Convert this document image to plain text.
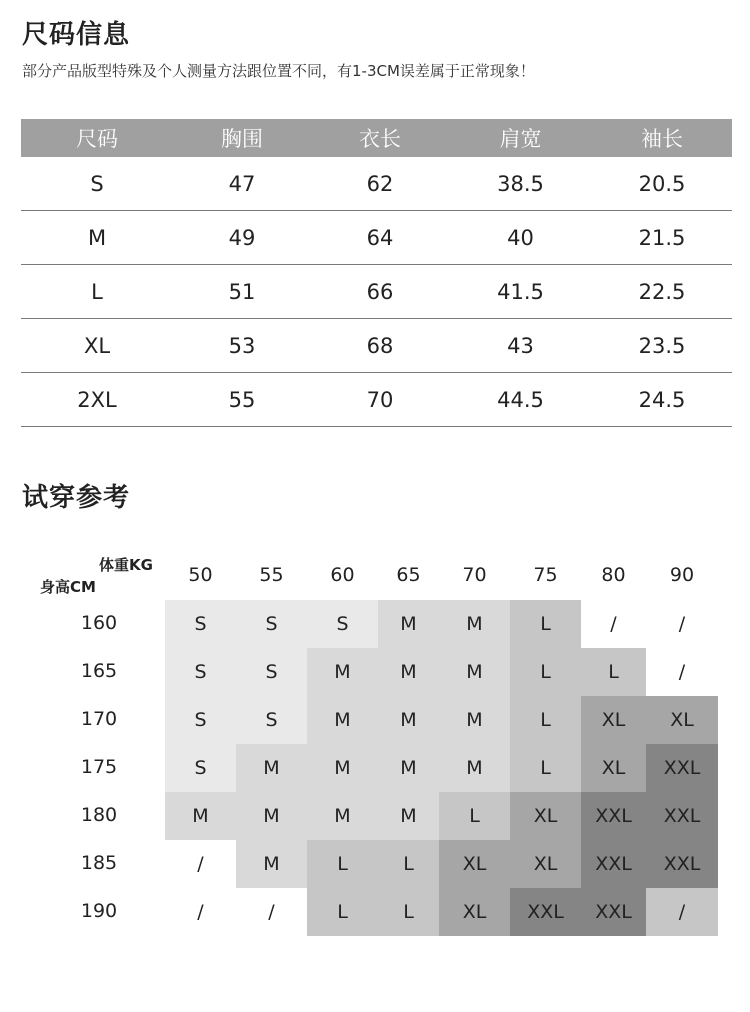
尺码信息
部分产品版型特殊及个人测量方法跟位置不同，有1-3CM误差属于正常现象！
尺码	胸围	衣长	肩宽	袖长
S	47	62	38.5	20.5
M	49	64	40	21.5
L	51	66	41.5	22.5
XL	53	68	43	23.5
2XL	55	70	44.5	24.5
试穿参考
体重KG
身高CM
50	55	60	65	70	75	80	90
160	S	S	S	M	M	L	/	/
165	S	S	M	M	M	L	L	/
170	S	S	M	M	M	L	XL	XL
175	S	M	M	M	M	L	XL	XXL
180	M	M	M	M	L	XL	XXL	XXL
185	/	M	L	L	XL	XL	XXL	XXL
190	/	/	L	L	XL	XXL	XXL	/
